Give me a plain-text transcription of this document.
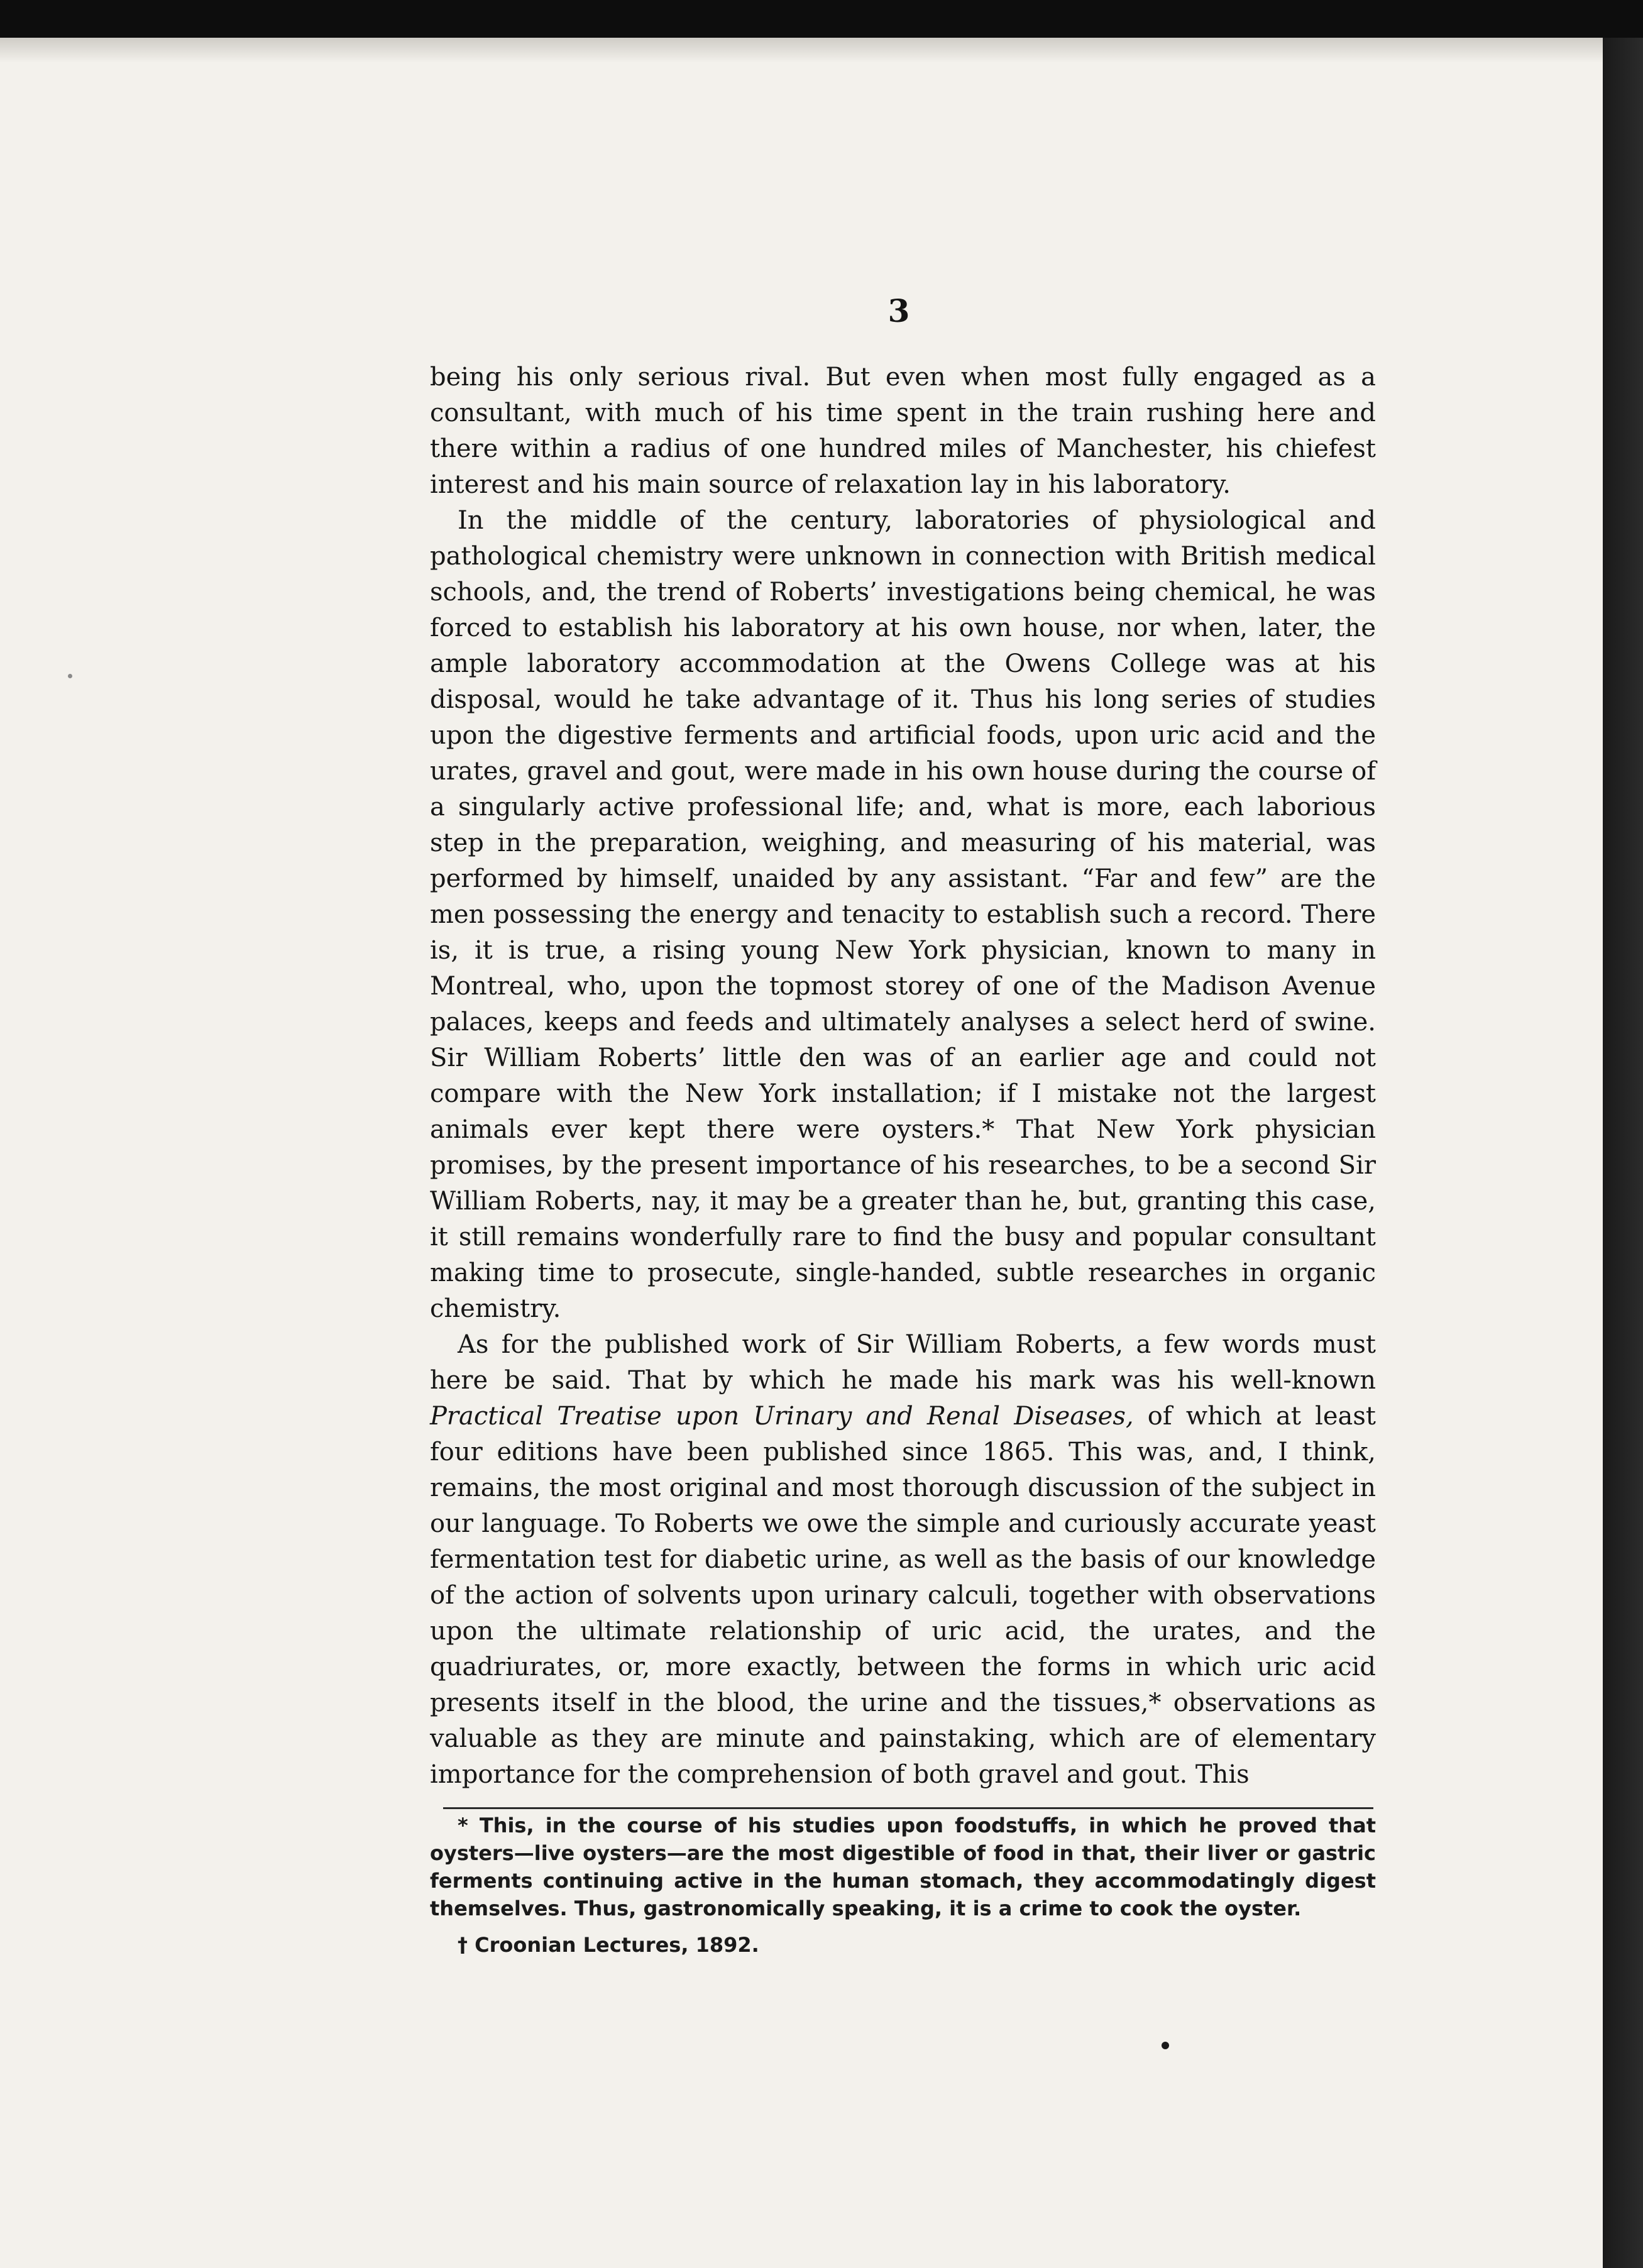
3

being his only serious rival. But even when most fully engaged as a consultant, with much of his time spent in the train rushing here and there within a radius of one hundred miles of Manchester, his chiefest interest and his main source of relaxation lay in his laboratory.

In the middle of the century, laboratories of physiological and pathological chemistry were unknown in connection with British medical schools, and, the trend of Roberts’ investigations being chemical, he was forced to establish his laboratory at his own house, nor when, later, the ample laboratory accommodation at the Owens College was at his disposal, would he take advantage of it. Thus his long series of studies upon the digestive ferments and artificial foods, upon uric acid and the urates, gravel and gout, were made in his own house during the course of a singularly active professional life; and, what is more, each laborious step in the preparation, weighing, and measuring of his material, was performed by himself, unaided by any assistant. “Far and few” are the men possessing the energy and tenacity to establish such a record. There is, it is true, a rising young New York physician, known to many in Montreal, who, upon the topmost storey of one of the Madison Avenue palaces, keeps and feeds and ultimately analyses a select herd of swine. Sir William Roberts’ little den was of an earlier age and could not compare with the New York installation; if I mistake not the largest animals ever kept there were oysters.* That New York physician promises, by the present importance of his researches, to be a second Sir William Roberts, nay, it may be a greater than he, but, granting this case, it still remains wonderfully rare to find the busy and popular consultant making time to prosecute, single-handed, subtle researches in organic chemistry.

As for the published work of Sir William Roberts, a few words must here be said. That by which he made his mark was his well-known Practical Treatise upon Urinary and Renal Diseases, of which at least four editions have been published since 1865. This was, and, I think, remains, the most original and most thorough discussion of the subject in our language. To Roberts we owe the simple and curiously accurate yeast fermentation test for diabetic urine, as well as the basis of our knowledge of the action of solvents upon urinary calculi, together with observations upon the ultimate relationship of uric acid, the urates, and the quadriurates, or, more exactly, between the forms in which uric acid presents itself in the blood, the urine and the tissues,* observations as valuable as they are minute and painstaking, which are of elementary importance for the comprehension of both gravel and gout. This

* This, in the course of his studies upon foodstuffs, in which he proved that oysters—live oysters—are the most digestible of food in that, their liver or gastric ferments continuing active in the human stomach, they accommodatingly digest themselves. Thus, gastronomically speaking, it is a crime to cook the oyster.

† Croonian Lectures, 1892.
